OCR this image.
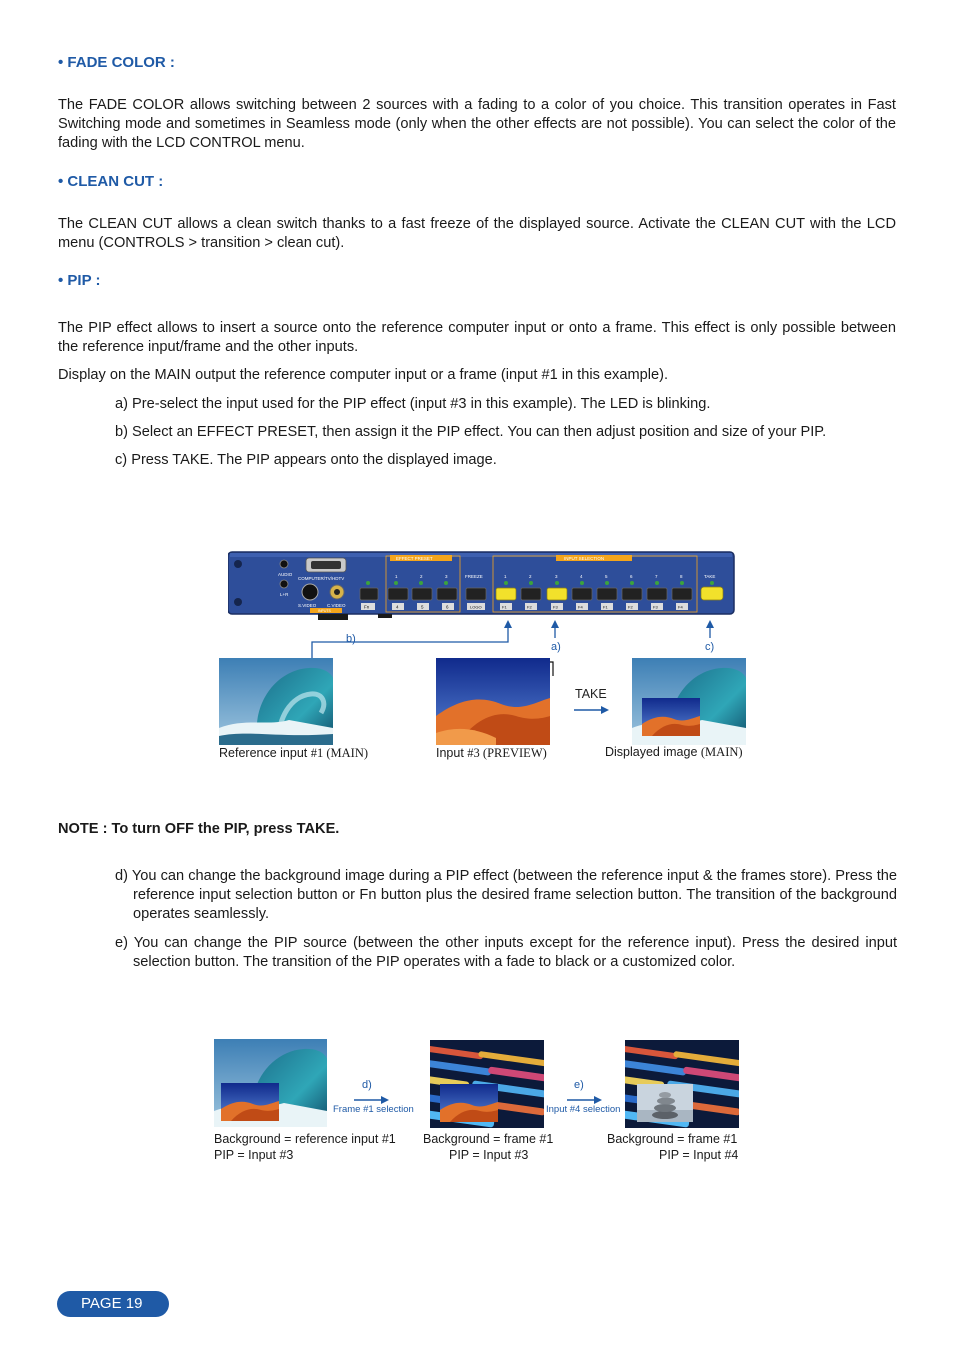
• FADE COLOR :
The FADE COLOR allows switching between 2 sources with a fading to a color of you choice. This transition operates in Fast Switching mode and sometimes in Seamless mode (only when the other effects are not possible). You can select the color of the fading with the LCD CONTROL menu.
• CLEAN CUT :
The CLEAN CUT allows a clean switch thanks to a fast freeze of the displayed source. Activate the CLEAN CUT with the LCD menu (CONTROLS > transition > clean cut).
• PIP :
The PIP effect allows to insert a source onto the reference computer input or onto a frame. This effect is only possible between the reference input/frame and the other inputs.
Display on the MAIN output the reference computer input or a frame (input #1 in this example).
a) Pre-select the input used for the PIP effect (input #3 in this example). The LED is blinking.
b) Select an EFFECT PRESET, then assign it the PIP effect. You can then adjust position and size of your PIP.
c) Press TAKE. The PIP appears onto the displayed image.
AUDIO
L+R
COMPUTER/TV/HDTV
S.VIDEO C.VIDEO
INPUTS
Fn
EFFECT PRESET
1	2	3
4	5	6
FREEZE
LOGO
INPUT SELECTION
1	2	3	4	5	6	7	8
F1	F2	F3	F4	F1	F2	F3	F4
TAKE
b)
a)	c)
TAKE
Reference input #1 (MAIN)	Input #3 (PREVIEW)	Displayed image (MAIN)
NOTE : To turn OFF the PIP, press TAKE.
d) You can change the background image during a PIP effect (between the reference input & the frames store). Press the reference input selection button or Fn button plus the desired frame selection button. The transition of the background operates seamlessly.
e) You can change the PIP source (between the other inputs except for the reference input). Press the desired input selection button. The transition of the PIP operates with a fade to black or a customized color.
d)	e)
Frame #1 selection	Input #4 selection
Background = reference input #1
PIP = Input #3
Background = frame #1
PIP = Input #3
Background = frame #1
PIP = Input #4
PAGE 19
